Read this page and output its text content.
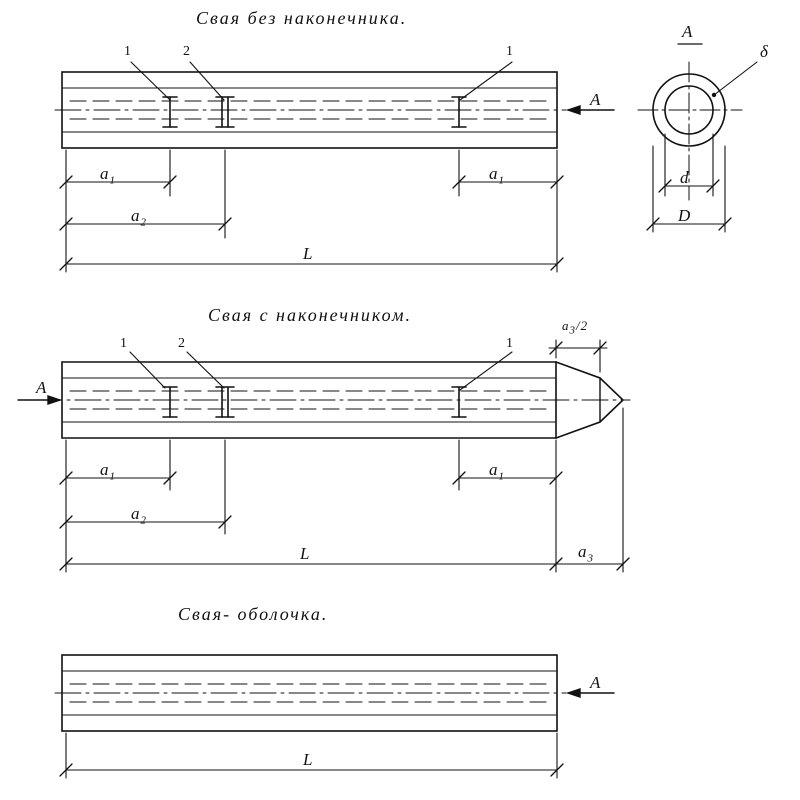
Свая без наконечника.
1	2	1
$a_1$	$a_1$
$a_2$
L
A
A
δ
d
D
Свая с наконечником.
1	2	1
$a_3/2$
A
$a_1$	$a_1$
$a_2$
L	$a_3$
Свая- оболочка.
A
L
